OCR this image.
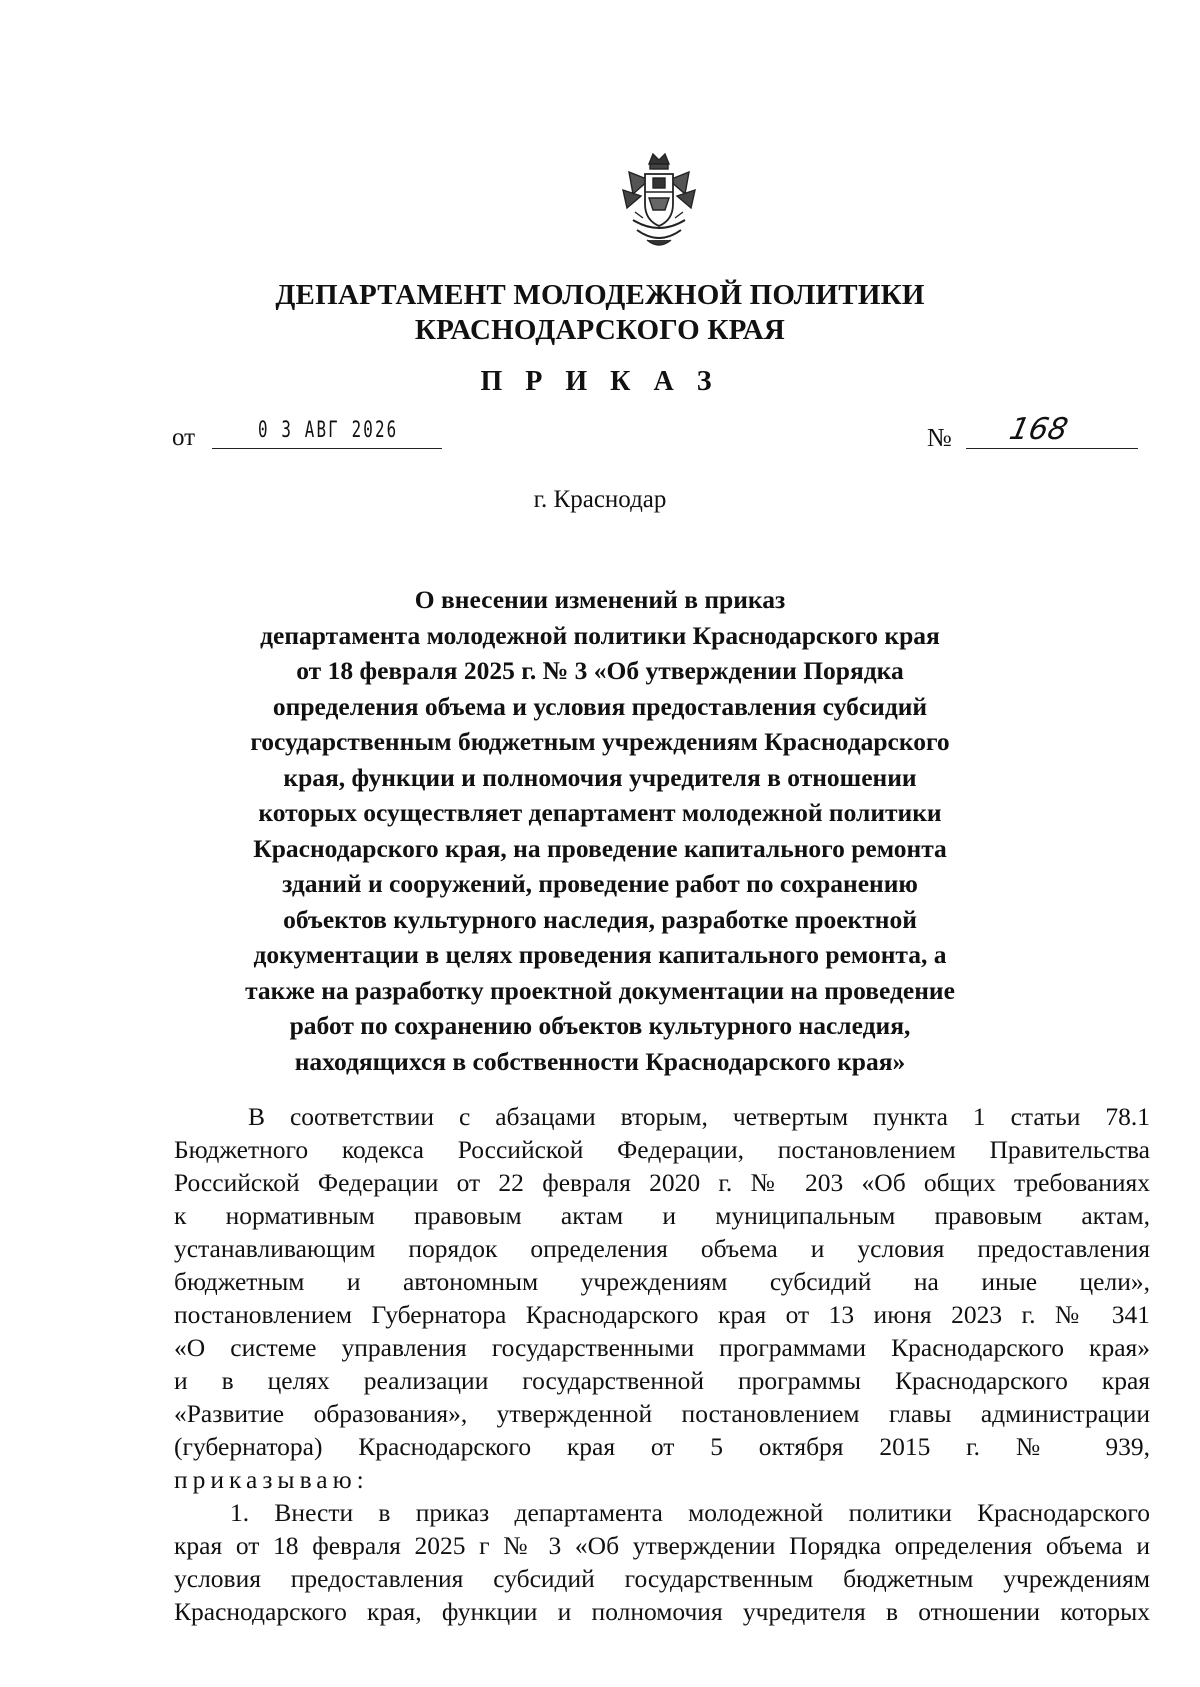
ДЕПАРТАМЕНТ МОЛОДЕЖНОЙ ПОЛИТИКИ
КРАСНОДАРСКОГО КРАЯ
П Р И К А З
от	0 3 АВГ 2026	№ 168
г. Краснодар
О внесении изменений в приказ
департамента молодежной политики Краснодарского края
от 18 февраля 2025 г. № 3 «Об утверждении Порядка
определения объема и условия предоставления субсидий
государственным бюджетным учреждениям Краснодарского
края, функции и полномочия учредителя в отношении
которых осуществляет департамент молодежной политики
Краснодарского края, на проведение капитального ремонта
зданий и сооружений, проведение работ по сохранению
объектов культурного наследия, разработке проектной
документации в целях проведения капитального ремонта, а
также на разработку проектной документации на проведение
работ по сохранению объектов культурного наследия,
находящихся в собственности Краснодарского края»
В соответствии с абзацами вторым, четвертым пункта 1 статьи 78.1
Бюджетного кодекса Российской Федерации, постановлением Правительства
Российской Федерации от 22 февраля 2020 г. № 203 «Об общих требованиях
к нормативным правовым актам и муниципальным правовым актам,
устанавливающим порядок определения объема и условия предоставления
бюджетным и автономным учреждениям субсидий на иные цели»,
постановлением Губернатора Краснодарского края от 13 июня 2023 г. № 341
«О системе управления государственными программами Краснодарского края»
и в целях реализации государственной программы Краснодарского края
«Развитие образования», утвержденной постановлением главы администрации
(губернатора) Краснодарского края от 5 октября 2015 г. № 939,
приказываю:
1. Внести в приказ департамента молодежной политики Краснодарского
края от 18 февраля 2025 г № 3 «Об утверждении Порядка определения объема и
условия предоставления субсидий государственным бюджетным учреждениям
Краснодарского края, функции и полномочия учредителя в отношении которых
